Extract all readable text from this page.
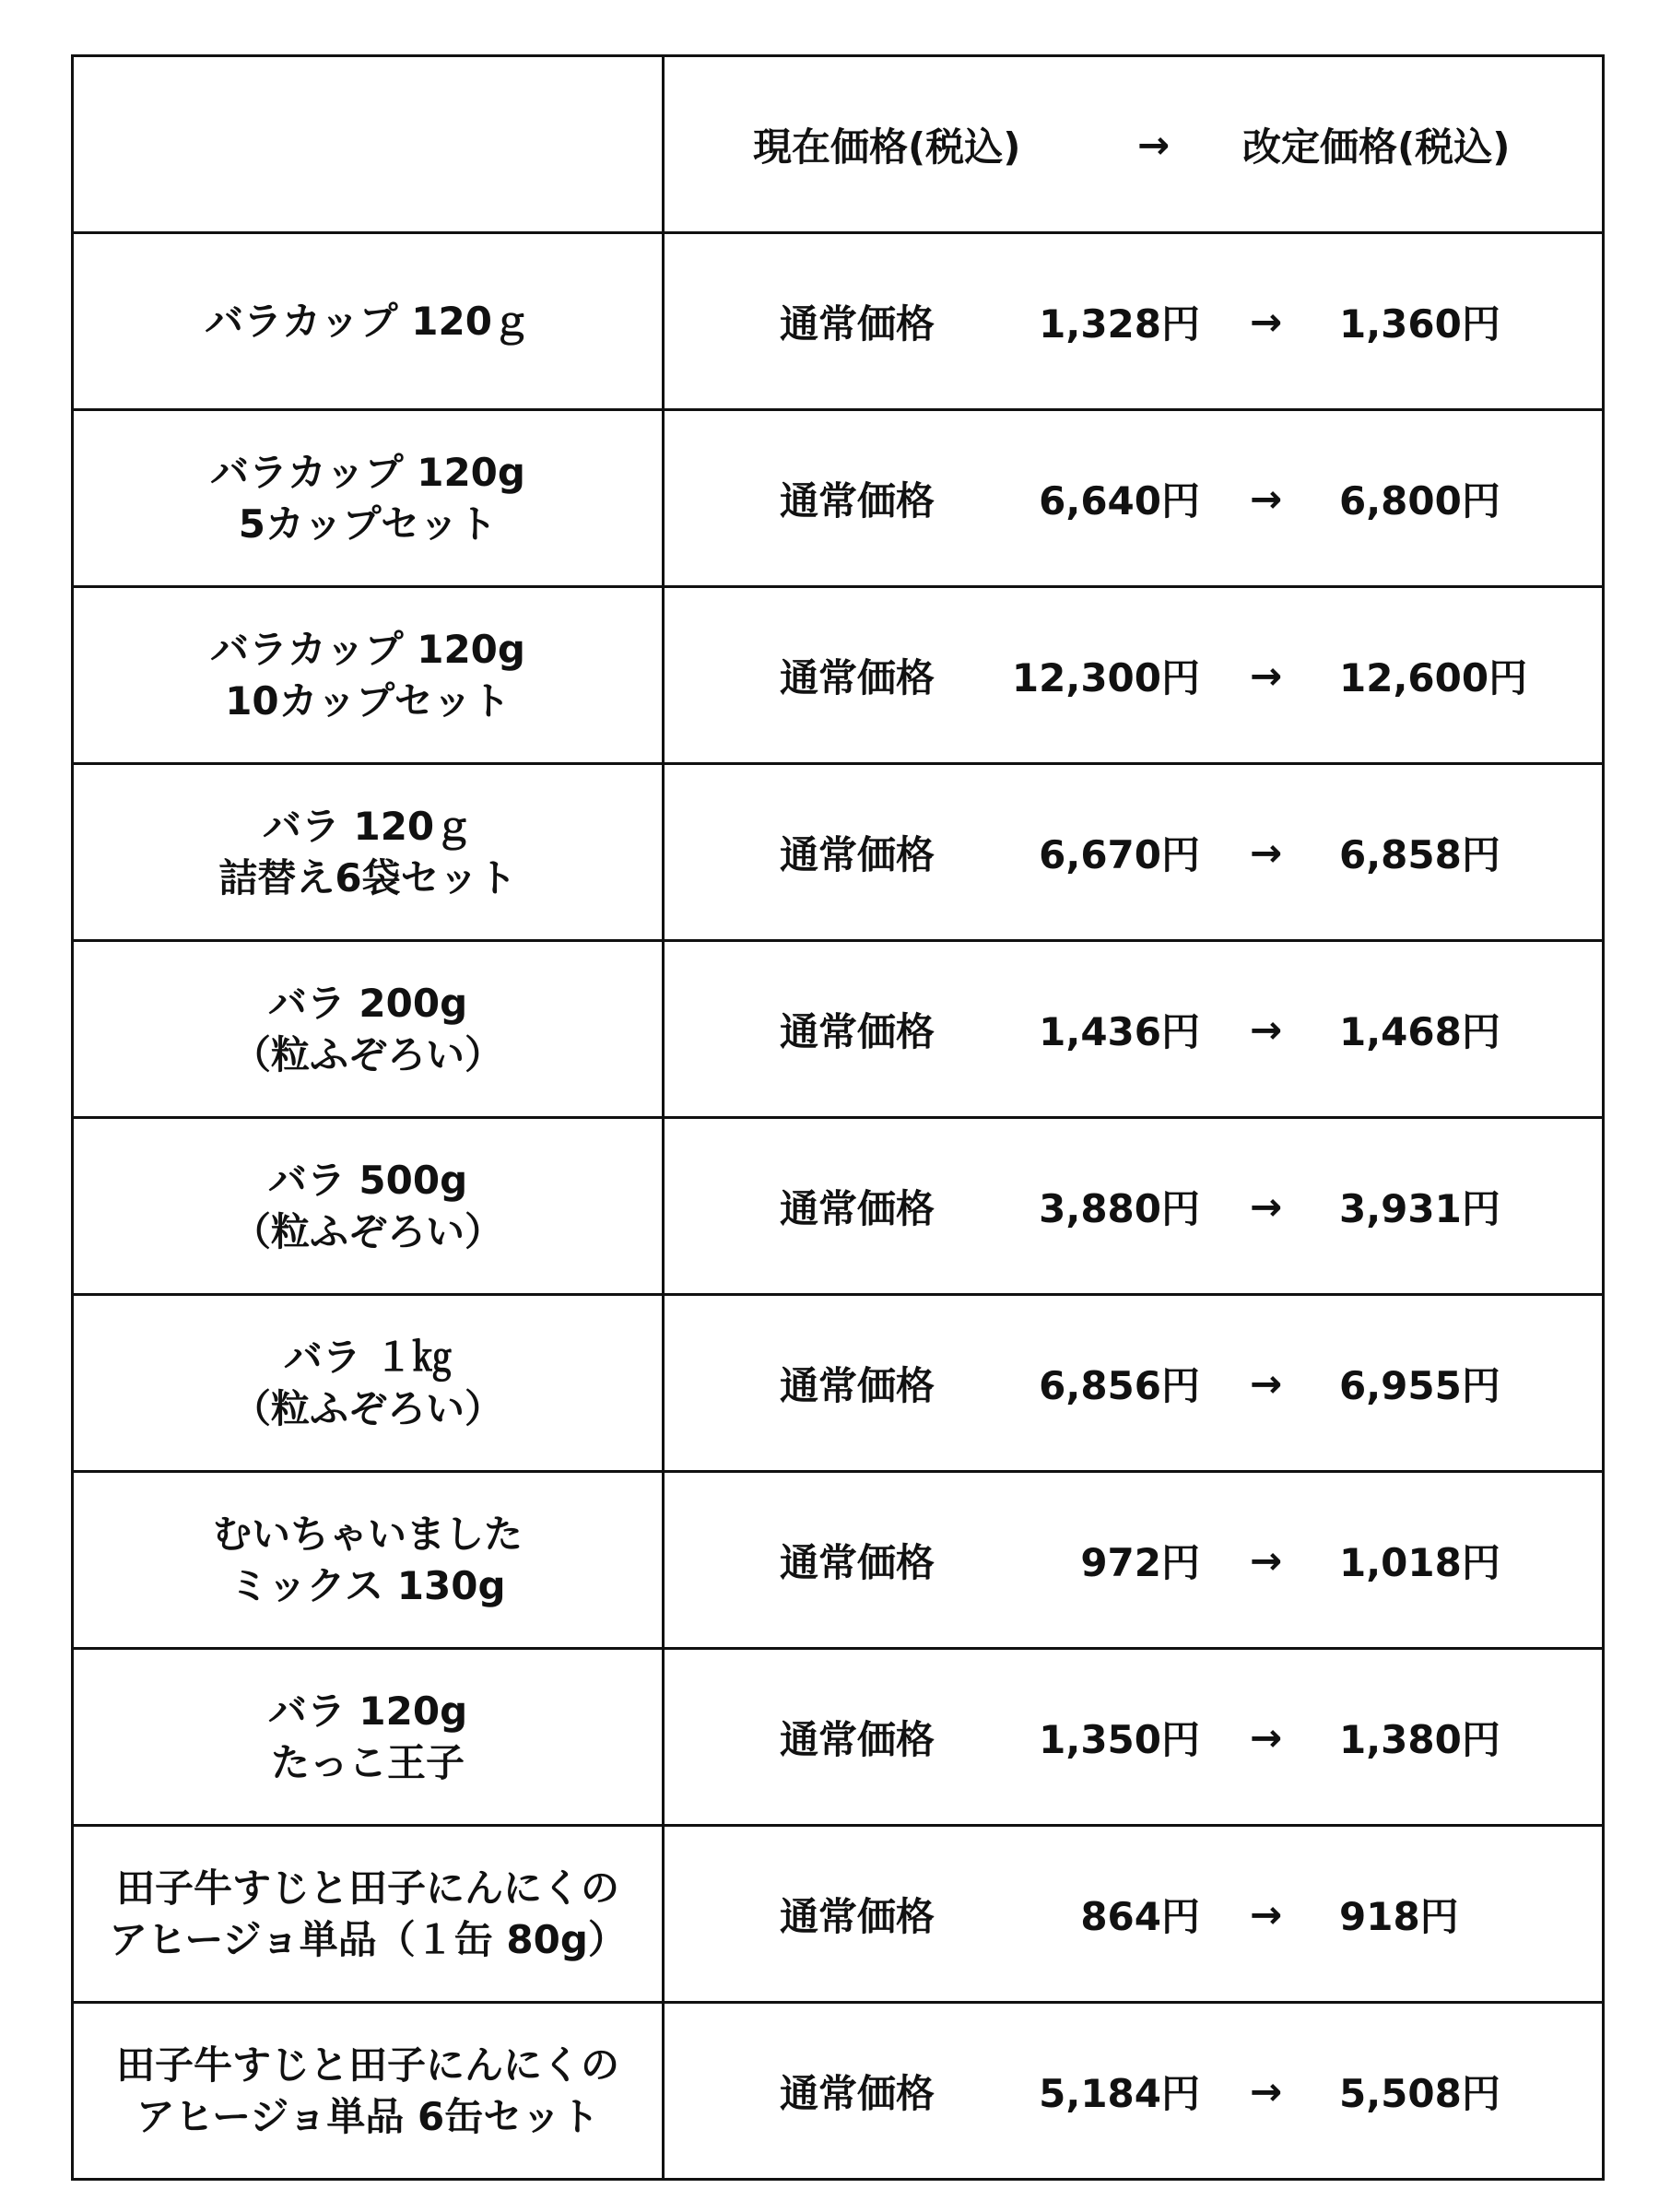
現在価格(税込)	→ 改定価格(税込)
バラカップ 120ｇ	通常価格	1,328円 → 1,360円
バラカップ 120g
5カップセット
通常価格	6,640円 → 6,800円
バラカップ 120g
10カップセット
通常価格 12,300円 → 12,600円
バラ 120ｇ
詰替え6袋セット
通常価格	6,670円 → 6,858円
バラ 200g
（粒ふぞろい）
通常価格	1,436円 → 1,468円
バラ 500g
（粒ふぞろい）
通常価格	3,880円 → 3,931円
バラ １㎏
（粒ふぞろい）
通常価格	6,856円 → 6,955円
むいちゃいました
ミックス 130g
通常価格	972円 → 1,018円
バラ 120g
たっこ王子
通常価格	1,350円 → 1,380円
田子牛すじと田子にんにくの
アヒージョ単品（１缶 80g）
通常価格	864円 → 918円
田子牛すじと田子にんにくの
アヒージョ単品 6缶セット
通常価格	5,184円 → 5,508円
